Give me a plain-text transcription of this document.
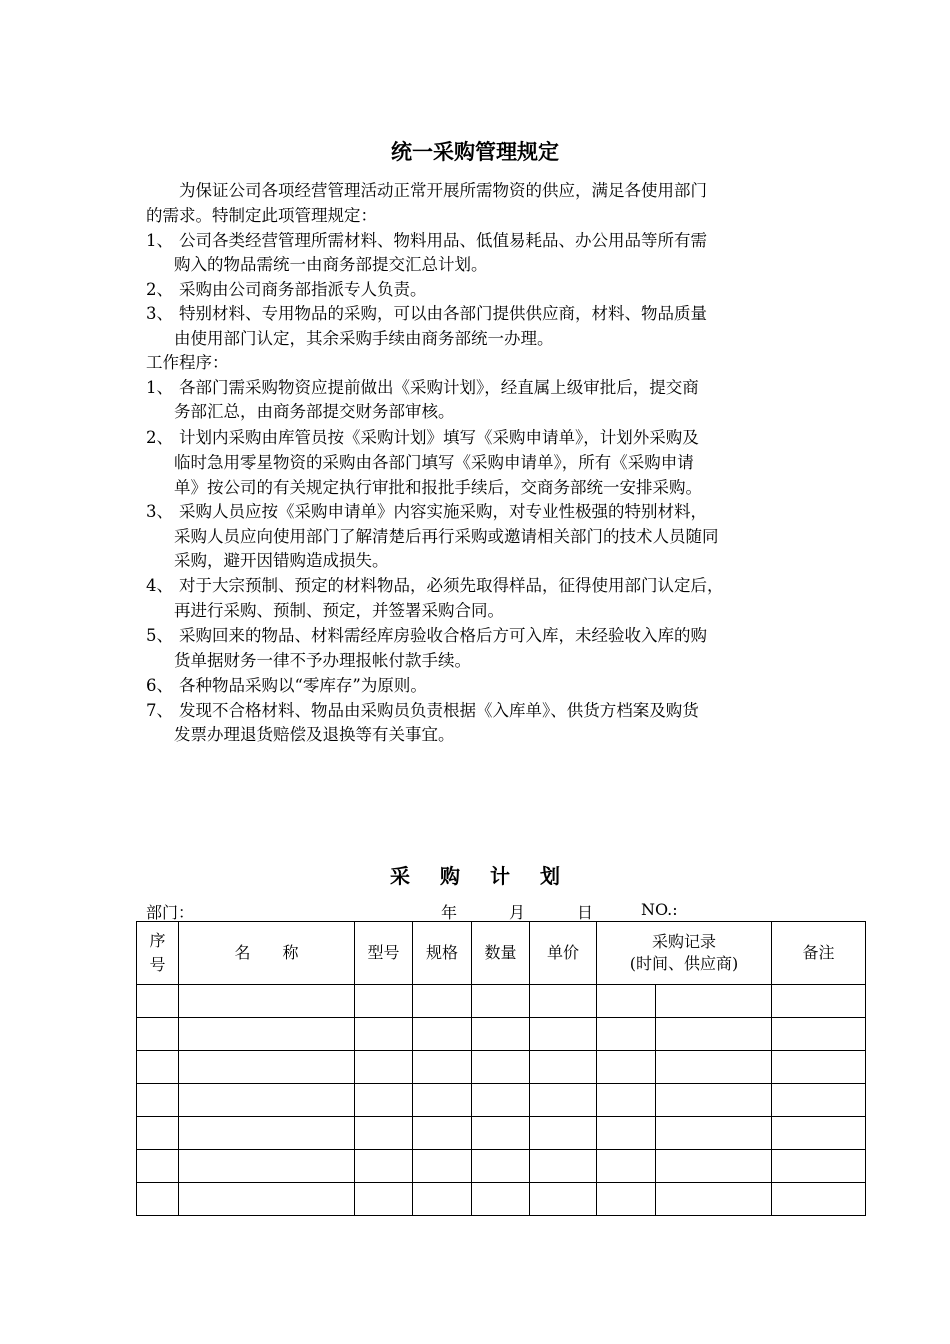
统一采购管理规定
为保证公司各项经营管理活动正常开展所需物资的供应，满足各使用部门
的需求。特制定此项管理规定：
1、 公司各类经营管理所需材料、物料用品、低值易耗品、办公用品等所有需
购入的物品需统一由商务部提交汇总计划。
2、 采购由公司商务部指派专人负责。
3、 特别材料、专用物品的采购，可以由各部门提供供应商，材料、物品质量
由使用部门认定，其余采购手续由商务部统一办理。
工作程序：
1、 各部门需采购物资应提前做出《采购计划》，经直属上级审批后，提交商
务部汇总，由商务部提交财务部审核。
2、 计划内采购由库管员按《采购计划》填写《采购申请单》，计划外采购及
临时急用零星物资的采购由各部门填写《采购申请单》，所有《采购申请
单》按公司的有关规定执行审批和报批手续后，交商务部统一安排采购。
3、 采购人员应按《采购申请单》内容实施采购，对专业性极强的特别材料，
采购人员应向使用部门了解清楚后再行采购或邀请相关部门的技术人员随同
采购，避开因错购造成损失。
4、 对于大宗预制、预定的材料物品，必须先取得样品，征得使用部门认定后，
再进行采购、预制、预定，并签署采购合同。
5、 采购回来的物品、材料需经库房验收合格后方可入库，未经验收入库的购
货单据财务一律不予办理报帐付款手续。
6、 各种物品采购以“零库存”为原则。
7、 发现不合格材料、物品由采购员负责根据《入库单》、供货方档案及购货
发票办理退货赔偿及退换等有关事宜。
采购计划
部门：	年	月	日	NO.:
序号	名　　称	型号	规格	数量	单价	采购记录
(时间、供应商)		备注
